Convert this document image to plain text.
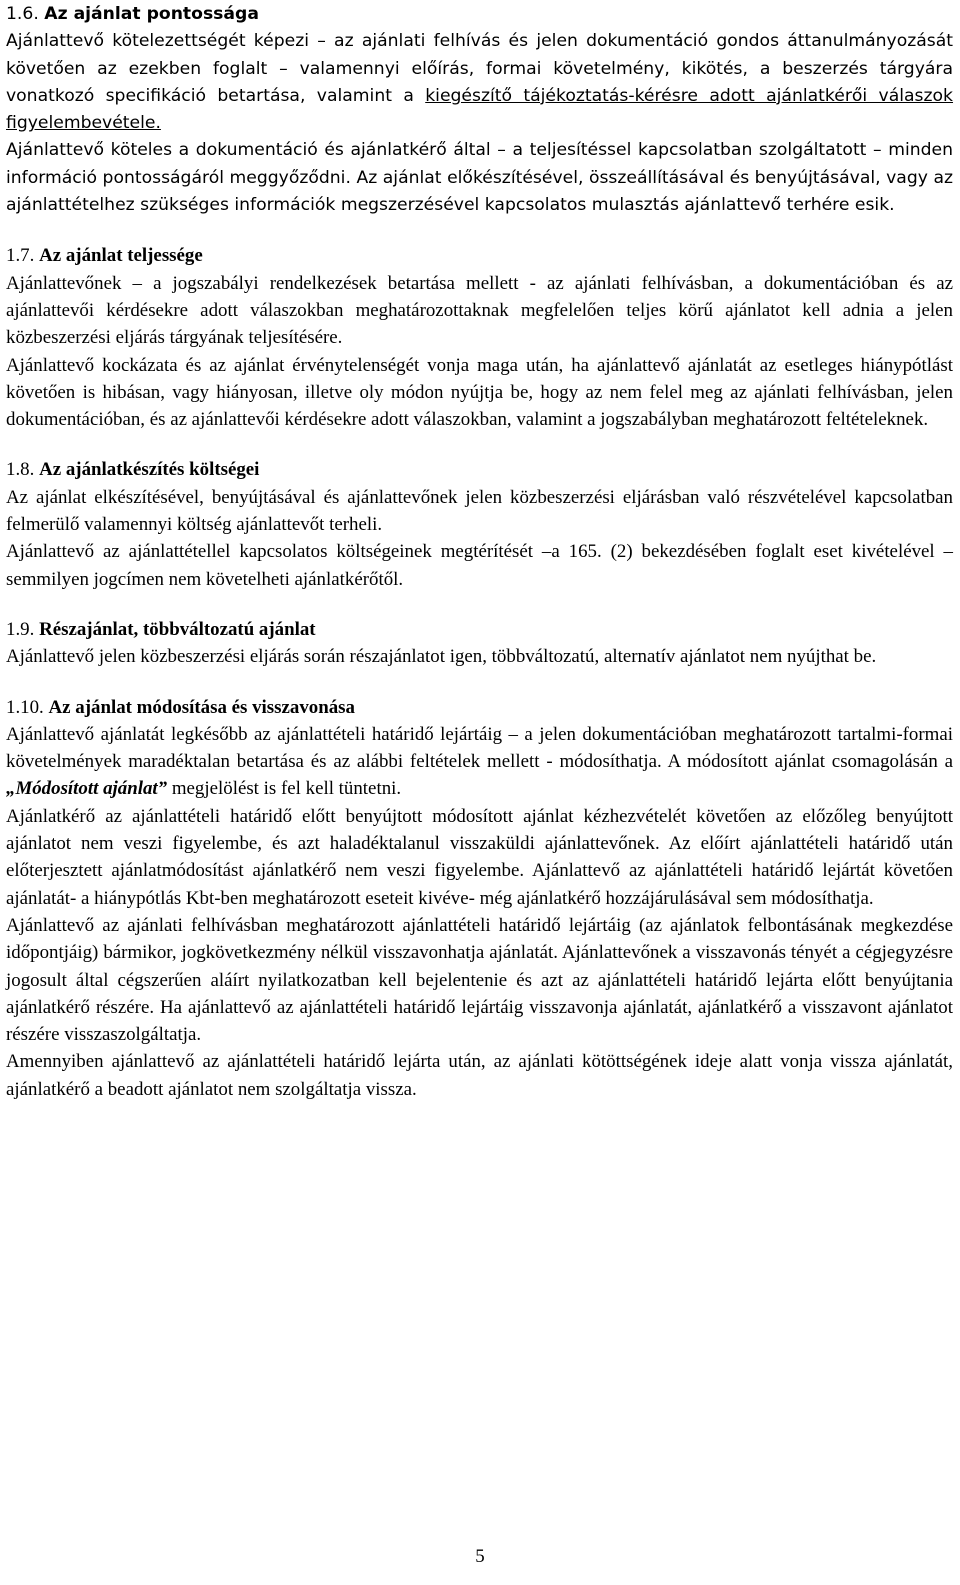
1.6. Az ajánlat pontossága

Ajánlattevő kötelezettségét képezi – az ajánlati felhívás és jelen dokumentáció gondos áttanulmányozását követően az ezekben foglalt – valamennyi előírás, formai követelmény, kikötés, a beszerzés tárgyára vonatkozó specifikáció betartása, valamint a kiegészítő tájékoztatás-kérésre adott ajánlatkérői válaszok figyelembevétele.

Ajánlattevő köteles a dokumentáció és ajánlatkérő által – a teljesítéssel kapcsolatban szolgáltatott – minden információ pontosságáról meggyőződni. Az ajánlat előkészítésével, összeállításával és benyújtásával, vagy az ajánlattételhez szükséges információk megszerzésével kapcsolatos mulasztás ajánlattevő terhére esik.

1.7. Az ajánlat teljessége

Ajánlattevőnek – a jogszabályi rendelkezések betartása mellett - az ajánlati felhívásban, a dokumentációban és az ajánlattevői kérdésekre adott válaszokban meghatározottaknak megfelelően teljes körű ajánlatot kell adnia a jelen közbeszerzési eljárás tárgyának teljesítésére.

Ajánlattevő kockázata és az ajánlat érvénytelenségét vonja maga után, ha ajánlattevő ajánlatát az esetleges hiánypótlást követően is hibásan, vagy hiányosan, illetve oly módon nyújtja be, hogy az nem felel meg az ajánlati felhívásban, jelen dokumentációban, és az ajánlattevői kérdésekre adott válaszokban, valamint a jogszabályban meghatározott feltételeknek.

1.8. Az ajánlatkészítés költségei

Az ajánlat elkészítésével, benyújtásával és ajánlattevőnek jelen közbeszerzési eljárásban való részvételével kapcsolatban felmerülő valamennyi költség ajánlattevőt terheli.

Ajánlattevő az ajánlattétellel kapcsolatos költségeinek megtérítését –a 165. (2) bekezdésében foglalt eset kivételével – semmilyen jogcímen nem követelheti ajánlatkérőtől.

1.9. Részajánlat, többváltozatú ajánlat

Ajánlattevő jelen közbeszerzési eljárás során részajánlatot igen, többváltozatú, alternatív ajánlatot nem nyújthat be.

1.10. Az ajánlat módosítása és visszavonása

Ajánlattevő ajánlatát legkésőbb az ajánlattételi határidő lejártáig – a jelen dokumentációban meghatározott tartalmi-formai követelmények maradéktalan betartása és az alábbi feltételek mellett - módosíthatja. A módosított ajánlat csomagolásán a „Módosított ajánlat” megjelölést is fel kell tüntetni.

Ajánlatkérő az ajánlattételi határidő előtt benyújtott módosított ajánlat kézhezvételét követően az előzőleg benyújtott ajánlatot nem veszi figyelembe, és azt haladéktalanul visszaküldi ajánlattevőnek. Az előírt ajánlattételi határidő után előterjesztett ajánlatmódosítást ajánlatkérő nem veszi figyelembe. Ajánlattevő az ajánlattételi határidő lejártát követően ajánlatát- a hiánypótlás Kbt-ben meghatározott eseteit kivéve- még ajánlatkérő hozzájárulásával sem módosíthatja.

Ajánlattevő az ajánlati felhívásban meghatározott ajánlattételi határidő lejártáig (az ajánlatok felbontásának megkezdése időpontjáig) bármikor, jogkövetkezmény nélkül visszavonhatja ajánlatát. Ajánlattevőnek a visszavonás tényét a cégjegyzésre jogosult által cégszerűen aláírt nyilatkozatban kell bejelentenie és azt az ajánlattételi határidő lejárta előtt benyújtania ajánlatkérő részére. Ha ajánlattevő az ajánlattételi határidő lejártáig visszavonja ajánlatát, ajánlatkérő a visszavont ajánlatot részére visszaszolgáltatja.

Amennyiben ajánlattevő az ajánlattételi határidő lejárta után, az ajánlati kötöttségének ideje alatt vonja vissza ajánlatát, ajánlatkérő a beadott ajánlatot nem szolgáltatja vissza.

5
